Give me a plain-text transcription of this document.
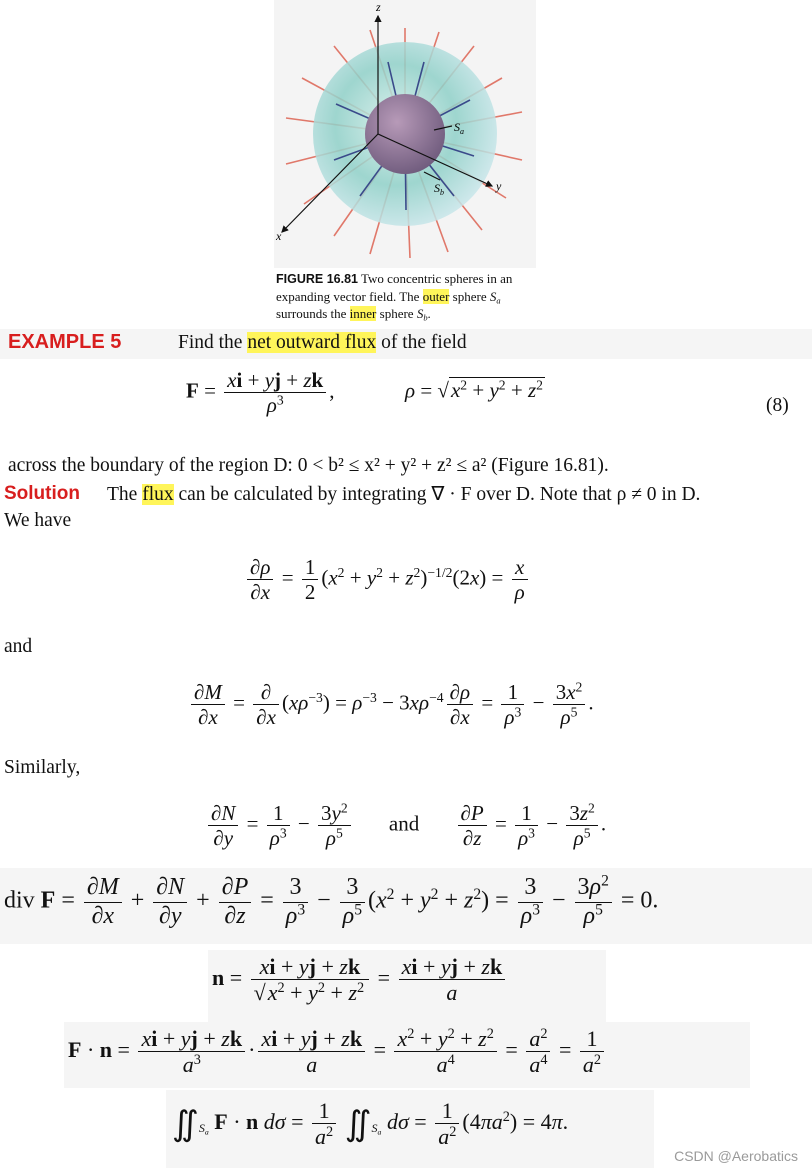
z
y
x
$S_a$
$S_b$
FIGURE 16.81 Two concentric spheres in an expanding vector field. The outer sphere $S_a$ surrounds the inner sphere $S_b$.
EXAMPLE 5	Find the net outward flux of the field
$F = \frac{xi + yj + zk}{\rho^3}$ ,	$\rho = √x^2 + y^2 + z^2$
(8)
across the boundary of the region D: 0 < b² ≤ x² + y² + z² ≤ a² (Figure 16.81).
Solution The flux can be calculated by integrating ∇ · F over D. Note that ρ ≠ 0 in D.
We have
$\frac{\partial\rho}{\partial x} = \frac{1}{2} (x^2 + y^2 + z^2)^{-1/2}(2x) = \frac{x}{\rho}$
and
$\frac{\partial M}{\partial x} = \frac{\partial}{\partial x} (x\rho^{-3}) = \rho^{-3} - 3x\rho^{-4} \frac{\partial\rho}{\partial x} = \frac{1}{\rho^3} - \frac{3x^2}{\rho^5}$ .
Similarly,
$\frac{\partial N}{\partial y} = \frac{1}{\rho^3} - \frac{3y^2}{\rho^5}$ and $\frac{\partial P}{\partial z} = \frac{1}{\rho^3} - \frac{3z^2}{\rho^5}$ .
div $F = \frac{\partial M}{\partial x} + \frac{\partial N}{\partial y} + \frac{\partial P}{\partial z} = \frac{3}{\rho^3} - \frac{3}{\rho^5} (x^2 + y^2 + z^2) = \frac{3}{\rho^3} - \frac{3\rho^2}{\rho^5} = 0$.
$n = \frac{xi + yj + zk}{√x^2 + y^2 + z^2} = \frac{xi + yj + zk}{a}$
$F \cdot n = \frac{xi + yj + zk}{a^3} \cdot \frac{xi + yj + zk}{a} = \frac{x^2 + y^2 + z^2}{a^4} = \frac{a^2}{a^4} = \frac{1}{a^2}$
$∬_{S_a}$ F · n $d\sigma = \frac{1}{a^2}$ $∬_{S_a}$ $d\sigma = \frac{1}{a^2} (4\pi a^2) = 4\pi$.
CSDN @Aerobatics
